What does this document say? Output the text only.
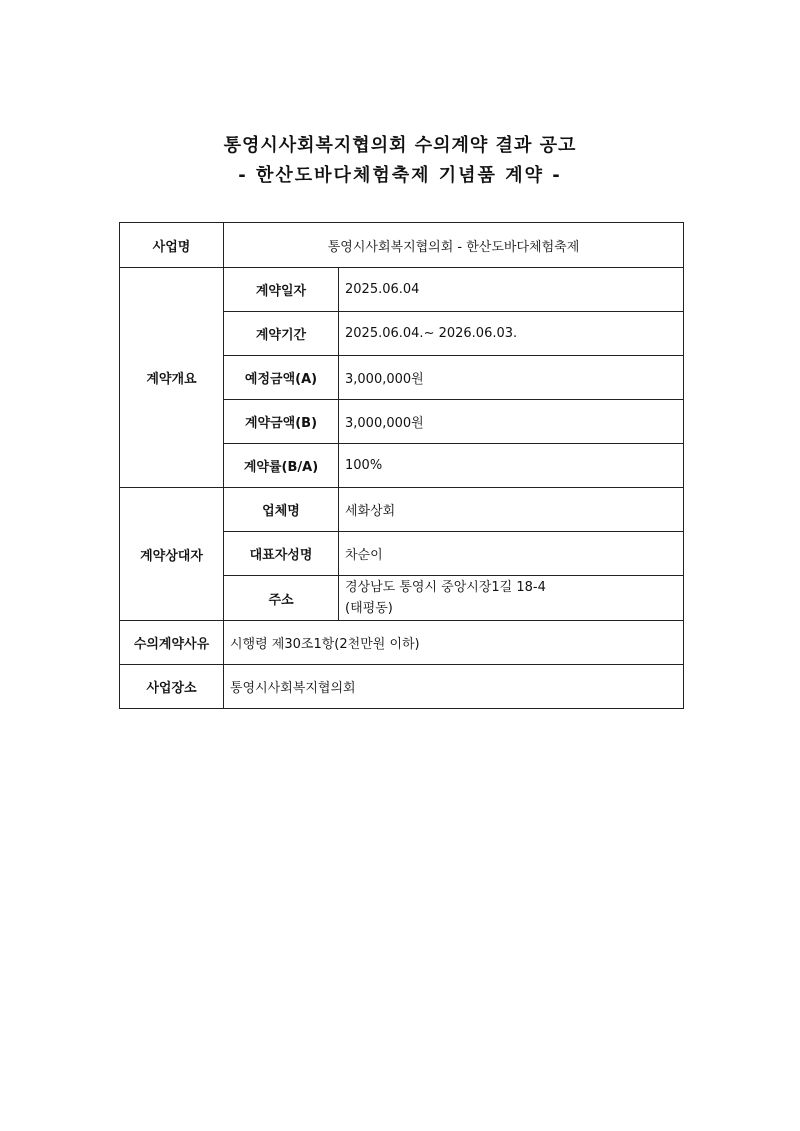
통영시사회복지협의회 수의계약 결과 공고
- 한산도바다체험축제 기념품 계약 -
사업명	통영시사회복지협의회 - 한산도바다체험축제	
계약개요	계약일자	2025.06.04
	계약기간	2025.06.04.~ 2026.06.03.
	예정금액(A)	3,000,000원
	계약금액(B)	3,000,000원
	계약률(B/A)	100%
계약상대자	업체명	세화상회
	대표자성명	차순이
	주소	경상남도 통영시 중앙시장1길 18-4
(태평동)

수의계약사유	시행령 제30조1항(2천만원 이하)	
사업장소	통영시사회복지협의회	
